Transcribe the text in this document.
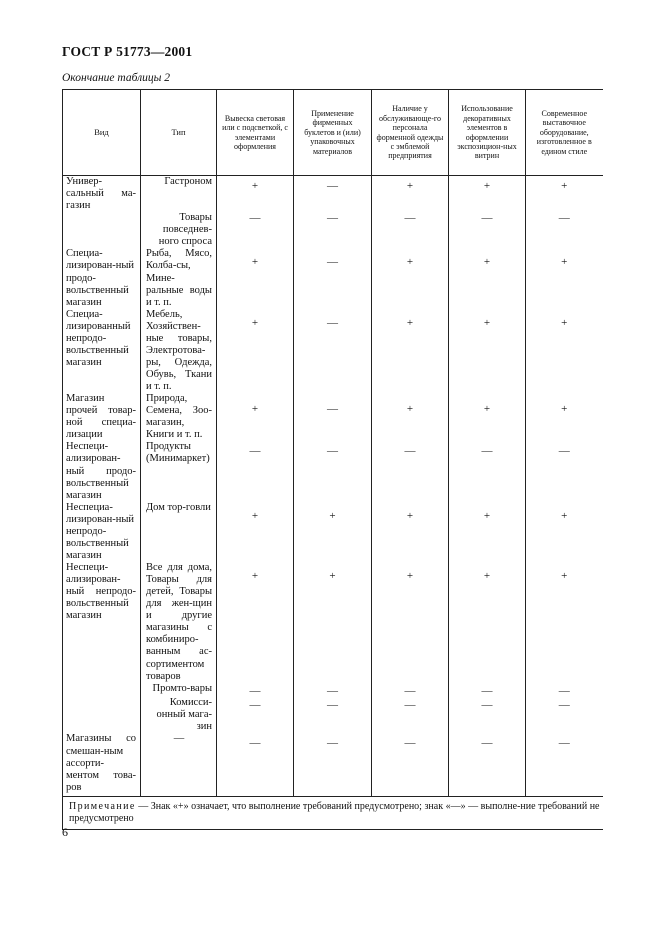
ГОСТ Р 51773—2001
Окончание таблицы 2
Вид	Тип	Вывеска световая или с подсветкой, с элементами оформления	Применение фирменных буклетов и (или) упаковочных материалов	Наличие у обслуживающе-го персонала форменной одежды с эмблемой предприятия	Использование декоративных элементов в оформлении экспозицион-ных витрин	Современное выставочное оборудование, изготовленное в едином стиле
Универ-сальный ма-газин	Гастроном	+	—	+	+	+
	Товары повседнев-ного спроса	—	—	—	—	—
Специа-лизирован-ный продо-вольственный магазин	Рыба, Мясо, Колба-сы, Мине-ральные воды и т. п.	+	—	+	+	+
Специа-лизированный непродо-вольственный магазин	Мебель, Хозяйствен-ные товары, Электротова-ры, Одежда, Обувь, Ткани и т. п.	+	—	+	+	+
Магазин прочей товар-ной специа-лизации	Природа, Семена, Зоо-магазин, Книги и т. п.	+	—	+	+	+
Неспеци-ализирован-ный продо-вольственный магазин	Продукты (Минимаркет)	—	—	—	—	—
Неспециа-лизирован-ный непродо-вольственный магазин	Дом тор-говли	+	+	+	+	+
Неспеци-ализирован-ный непродо-вольственный магазин	Все для дома, Товары для детей, Товары для жен-щин и другие магазины с комбиниро-ванным ас-сортиментом товаров	+	+	+	+	+
	Промто-вары	—	—	—	—	—
	Комисси-онный мага-зин	—	—	—	—	—
Магазины со смешан-ным ассорти-ментом това-ров	—	—	—	—	—	—
Примечание — Знак «+» означает, что выполнение требований предусмотрено; знак «—» — выполне-ние требований не предусмотрено						
6
